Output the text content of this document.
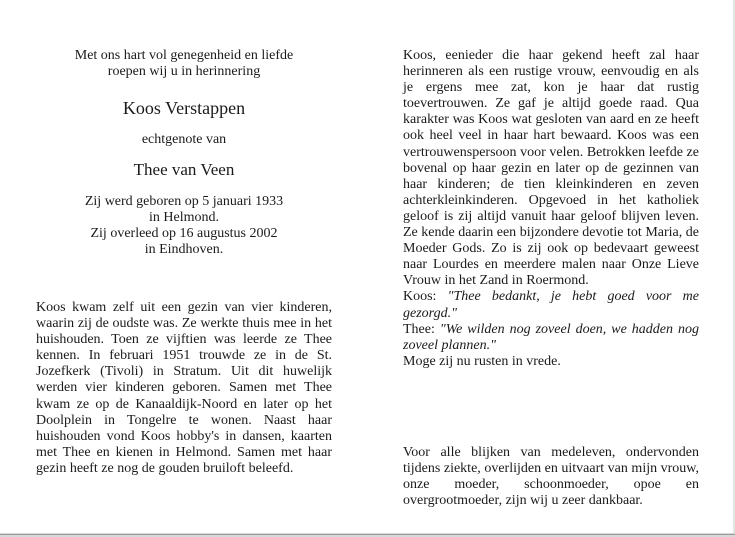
Met ons hart vol genegenheid en liefde
roepen wij u in herinnering
Koos Verstappen
echtgenote van
Thee van Veen
Zij werd geboren op 5 januari 1933
in Helmond.
Zij overleed op 16 augustus 2002
in Eindhoven.

Koos kwam zelf uit een gezin van vier kinderen, waarin zij de oudste was. Ze werkte thuis mee in het huishouden. Toen ze vijftien was leerde ze Thee kennen. In februari 1951 trouwde ze in de St. Jozefkerk (Tivoli) in Stratum. Uit dit huwelijk werden vier kinderen geboren. Samen met Thee kwam ze op de Kanaaldijk-Noord en later op het Doolplein in Tongelre te wonen. Naast haar huishouden vond Koos hobby's in dansen, kaarten met Thee en kienen in Helmond. Samen met haar gezin heeft ze nog de gouden bruiloft beleefd.

Koos, eenieder die haar gekend heeft zal haar herinneren als een rustige vrouw, eenvoudig en als je ergens mee zat, kon je haar dat rustig toevertrouwen. Ze gaf je altijd goede raad. Qua karakter was Koos wat gesloten van aard en ze heeft ook heel veel in haar hart bewaard. Koos was een vertrouwenspersoon voor velen. Betrokken leefde ze bovenal op haar gezin en later op de gezinnen van haar kinderen; de tien kleinkinderen en zeven achterkleinkinderen. Opgevoed in het katholiek geloof is zij altijd vanuit haar geloof blijven leven. Ze kende daarin een bijzondere devotie tot Maria, de Moeder Gods. Zo is zij ook op bedevaart geweest naar Lourdes en meerdere malen naar Onze Lieve Vrouw in het Zand in Roermond.

Koos: "Thee bedankt, je hebt goed voor me gezorgd."

Thee: "We wilden nog zoveel doen, we hadden nog zoveel plannen."

Moge zij nu rusten in vrede.

Voor alle blijken van medeleven, ondervonden tijdens ziekte, overlijden en uitvaart van mijn vrouw, onze moeder, schoonmoeder, opoe en overgrootmoeder, zijn wij u zeer dankbaar.
